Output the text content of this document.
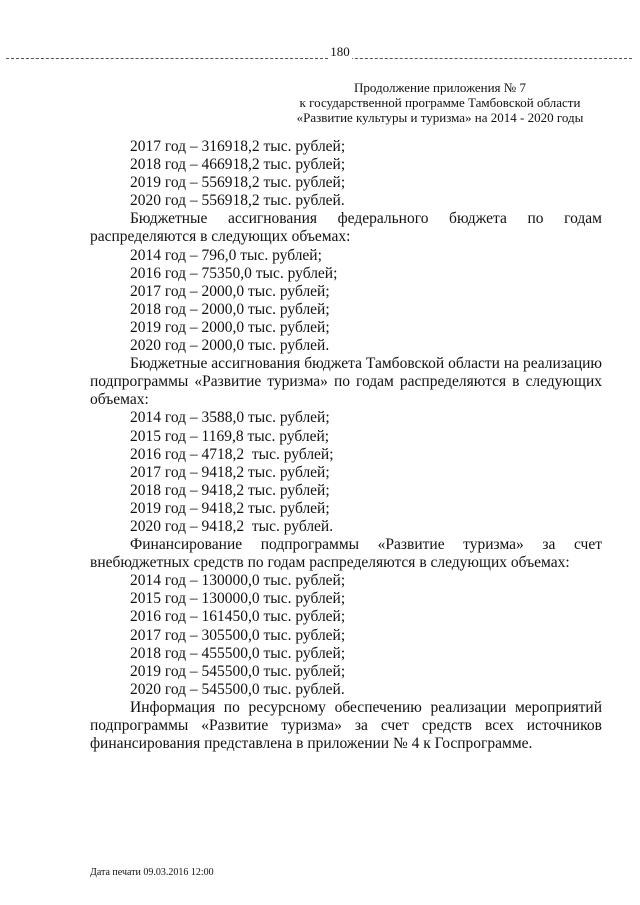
180
Продолжение приложения № 7
к государственной программе Тамбовской области
«Развитие культуры и туризма» на 2014 - 2020 годы
2017 год – 316918,2 тыс. рублей;
2018 год – 466918,2 тыс. рублей;
2019 год – 556918,2 тыс. рублей;
2020 год – 556918,2 тыс. рублей.
Бюджетные ассигнования федерального бюджета по годам
распределяются в следующих объемах:
2014 год – 796,0 тыс. рублей;
2016 год – 75350,0 тыс. рублей;
2017 год – 2000,0 тыс. рублей;
2018 год – 2000,0 тыс. рублей;
2019 год – 2000,0 тыс. рублей;
2020 год – 2000,0 тыс. рублей.
Бюджетные ассигнования бюджета Тамбовской области на реализацию
подпрограммы «Развитие туризма» по годам распределяются в следующих
объемах:
2014 год – 3588,0 тыс. рублей;
2015 год – 1169,8 тыс. рублей;
2016 год – 4718,2  тыс. рублей;
2017 год – 9418,2 тыс. рублей;
2018 год – 9418,2 тыс. рублей;
2019 год – 9418,2 тыс. рублей;
2020 год – 9418,2  тыс. рублей.
Финансирование подпрограммы «Развитие туризма» за счет
внебюджетных средств по годам распределяются в следующих объемах:
2014 год – 130000,0 тыс. рублей;
2015 год – 130000,0 тыс. рублей;
2016 год – 161450,0 тыс. рублей;
2017 год – 305500,0 тыс. рублей;
2018 год – 455500,0 тыс. рублей;
2019 год – 545500,0 тыс. рублей;
2020 год – 545500,0 тыс. рублей.
Информация по ресурсному обеспечению реализации мероприятий
подпрограммы «Развитие туризма» за счет средств всех источников
финансирования представлена в приложении № 4 к Госпрограмме.
Дата печати 09.03.2016 12:00
